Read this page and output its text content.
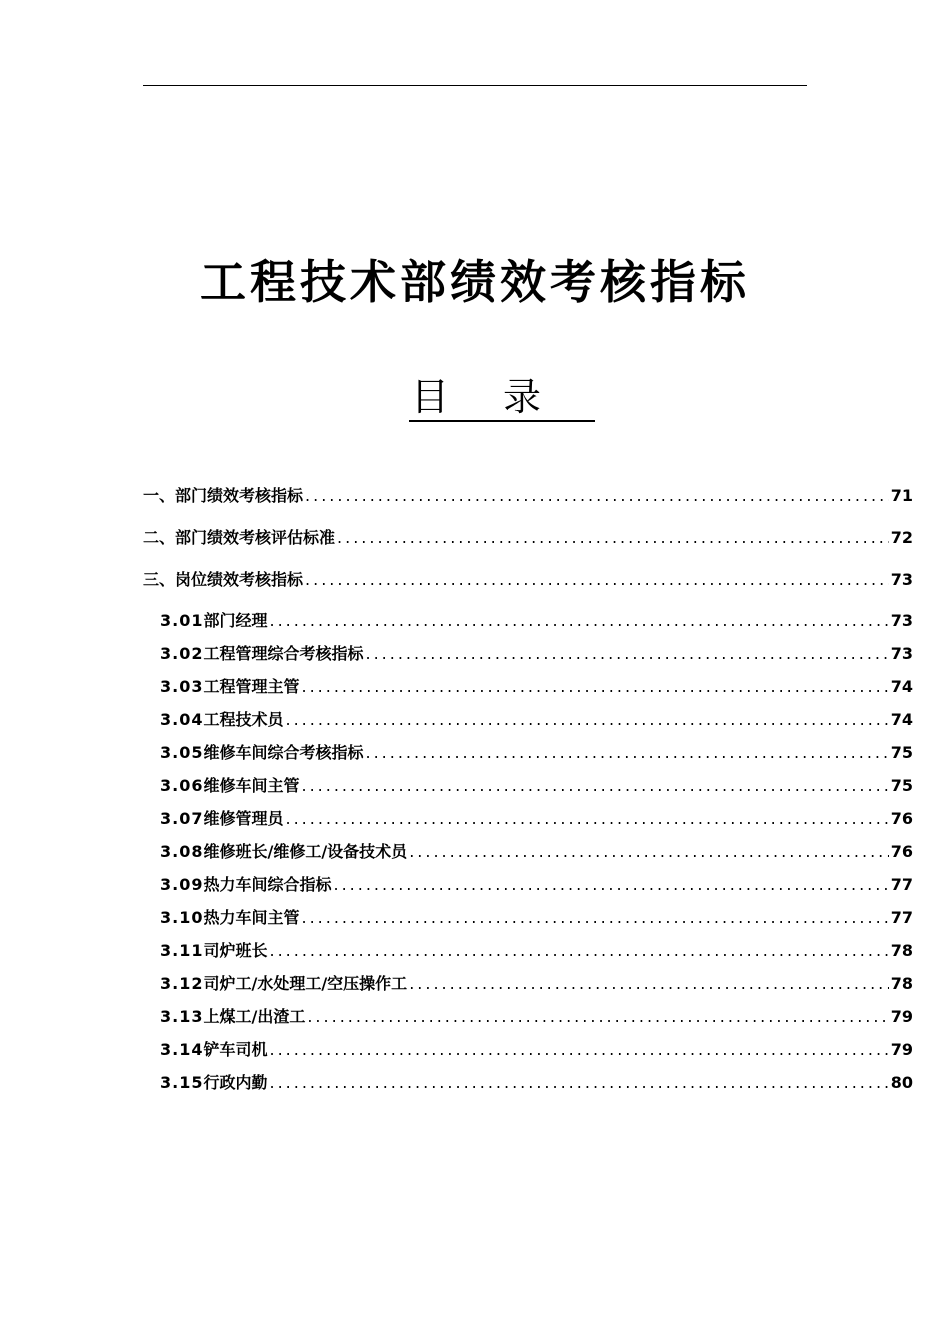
工程技术部绩效考核指标
目录
一、部门绩效考核指标 .....	71
二、部门绩效考核评估标准 .....	72
三、岗位绩效考核指标 .....	73
3.01 部门经理 .....	73
3.02 工程管理综合考核指标 .....	73
3.03 工程管理主管 .....	74
3.04 工程技术员 .....	74
3.05 维修车间综合考核指标 .....	75
3.06 维修车间主管 .....	75
3.07 维修管理员 .....	76
3.08 维修班长/维修工/设备技术员 .....	76
3.09 热力车间综合指标 .....	77
3.10 热力车间主管 .....	77
3.11 司炉班长 .....	78
3.12 司炉工/水处理工/空压操作工 .....	78
3.13 上煤工/出渣工 .....	79
3.14 铲车司机 .....	79
3.15 行政内勤 .....	80
